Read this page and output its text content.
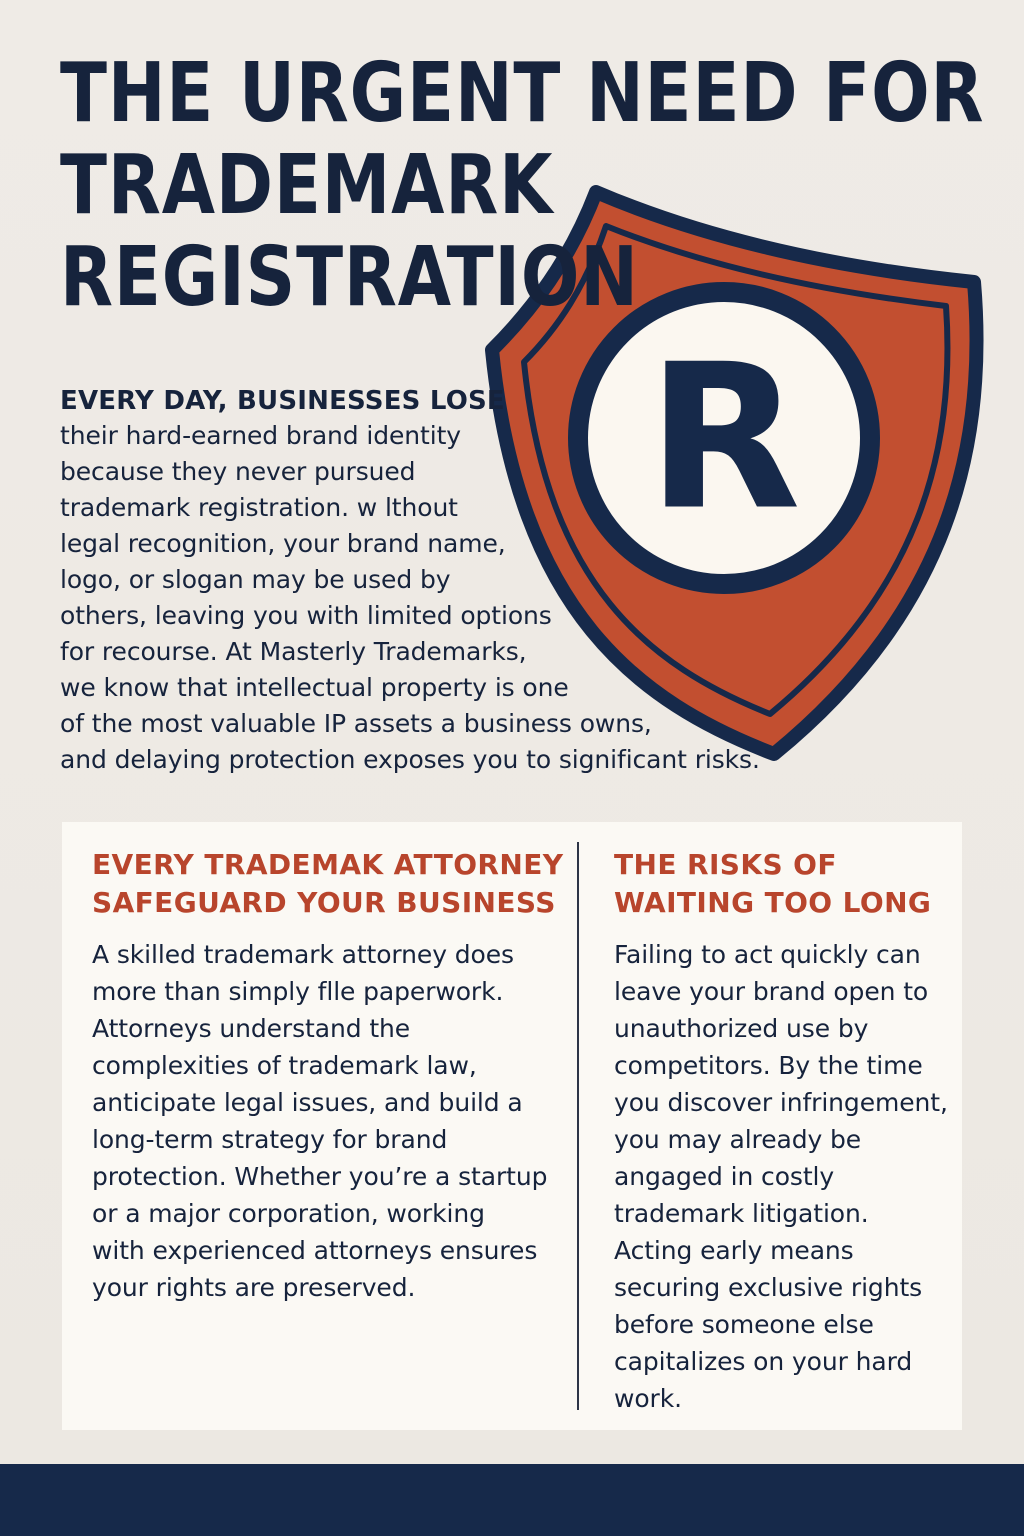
R
THE URGENT NEED FOR
TRADEMARK
REGISTRATION

EVERY DAY, BUSINESSES LOSE

their hard-earned brand identity

because they never pursued

trademark registration. w lthout

legal recognition, your brand name,

logo, or slogan may be used by

others, leaving you with limited options

for recourse. At Masterly Trademarks,

we know that intellectual property is one

of the most valuable IP assets a business owns,

and delaying protection exposes you to significant risks.

EVERY TRADEMAK ATTORNEY
SAFEGUARD YOUR BUSINESS

A skilled trademark attorney does

more than simply flle paperwork.

Attorneys understand the

complexities of trademark law,

anticipate legal issues, and build a

long-term strategy for brand

protection. Whether you’re a startup

or a major corporation, working

with experienced attorneys ensures

your rights are preserved.

THE RISKS OF
WAITING TOO LONG

Failing to act quickly can

leave your brand open to

unauthorized use by

competitors. By the time

you discover infringement,

you may already be

angaged in costly

trademark litigation.

Acting early means

securing exclusive rights

before someone else

capitalizes on your hard

work.
